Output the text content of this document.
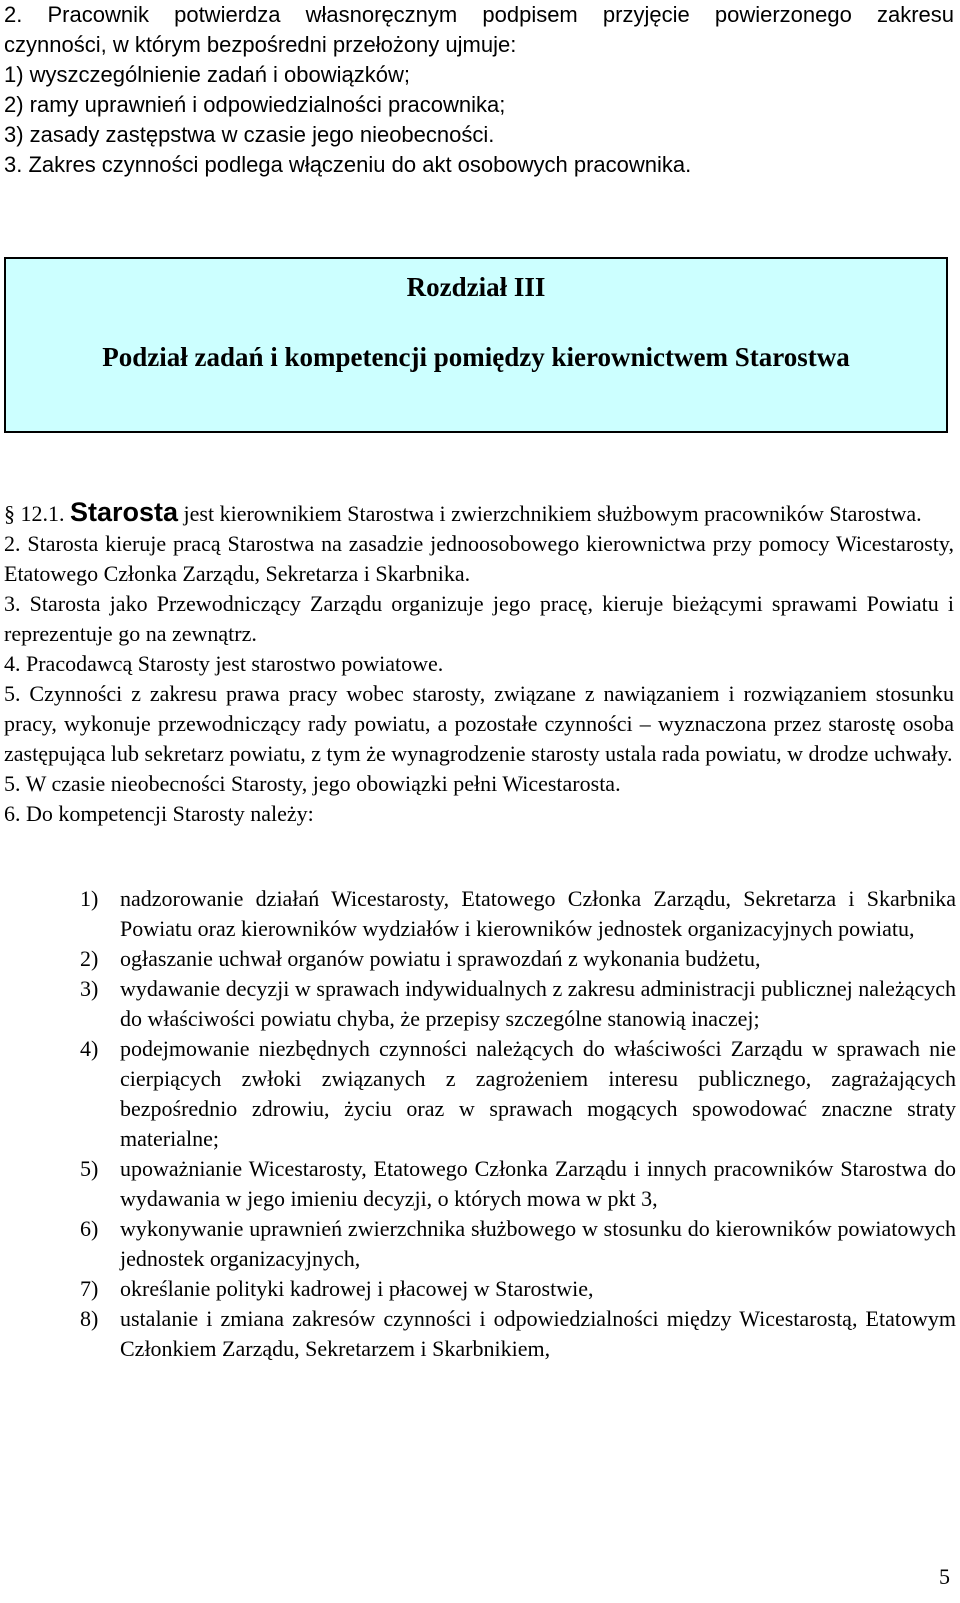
2. Pracownik potwierdza własnoręcznym podpisem przyjęcie powierzonego zakresu
czynności, w którym bezpośredni przełożony ujmuje:
1) wyszczególnienie zadań i obowiązków;
2) ramy uprawnień i odpowiedzialności pracownika;
3) zasady zastępstwa w czasie jego nieobecności.
3. Zakres czynności podlega włączeniu do akt osobowych pracownika.
Rozdział III
Podział zadań i kompetencji pomiędzy kierownictwem Starostwa
§ 12.1. Starosta jest kierownikiem Starostwa i zwierzchnikiem służbowym pracowników Starostwa.
2. Starosta kieruje pracą Starostwa na zasadzie jednoosobowego kierownictwa przy pomocy Wicestarosty, Etatowego Członka Zarządu, Sekretarza i Skarbnika.
3. Starosta jako Przewodniczący Zarządu organizuje jego pracę, kieruje bieżącymi sprawami Powiatu i reprezentuje go na zewnątrz.
4. Pracodawcą Starosty jest starostwo powiatowe.
5. Czynności z zakresu prawa pracy wobec starosty, związane z nawiązaniem i rozwiązaniem stosunku pracy, wykonuje przewodniczący rady powiatu, a pozostałe czynności – wyznaczona przez starostę osoba zastępująca lub sekretarz powiatu, z tym że wynagrodzenie starosty ustala rada powiatu, w drodze uchwały.
5. W czasie nieobecności Starosty, jego obowiązki pełni Wicestarosta.
6. Do kompetencji Starosty należy:
1) nadzorowanie działań Wicestarosty, Etatowego Członka Zarządu, Sekretarza i Skarbnika Powiatu oraz kierowników wydziałów i kierowników jednostek organizacyjnych powiatu,
2) ogłaszanie uchwał organów powiatu i sprawozdań z wykonania budżetu,
3) wydawanie decyzji w sprawach indywidualnych z zakresu administracji publicznej należących do właściwości powiatu chyba, że przepisy szczególne stanowią inaczej;
4) podejmowanie niezbędnych czynności należących do właściwości Zarządu w sprawach nie cierpiących zwłoki związanych z zagrożeniem interesu publicznego, zagrażających bezpośrednio zdrowiu, życiu oraz w sprawach mogących spowodować znaczne straty materialne;
5) upoważnianie Wicestarosty, Etatowego Członka Zarządu i innych pracowników Starostwa do wydawania w jego imieniu decyzji, o których mowa w pkt 3,
6) wykonywanie uprawnień zwierzchnika służbowego w stosunku do kierowników powiatowych jednostek organizacyjnych,
7) określanie polityki kadrowej i płacowej w Starostwie,
8) ustalanie i zmiana zakresów czynności i odpowiedzialności między Wicestarostą, Etatowym Członkiem Zarządu, Sekretarzem i Skarbnikiem,
5
